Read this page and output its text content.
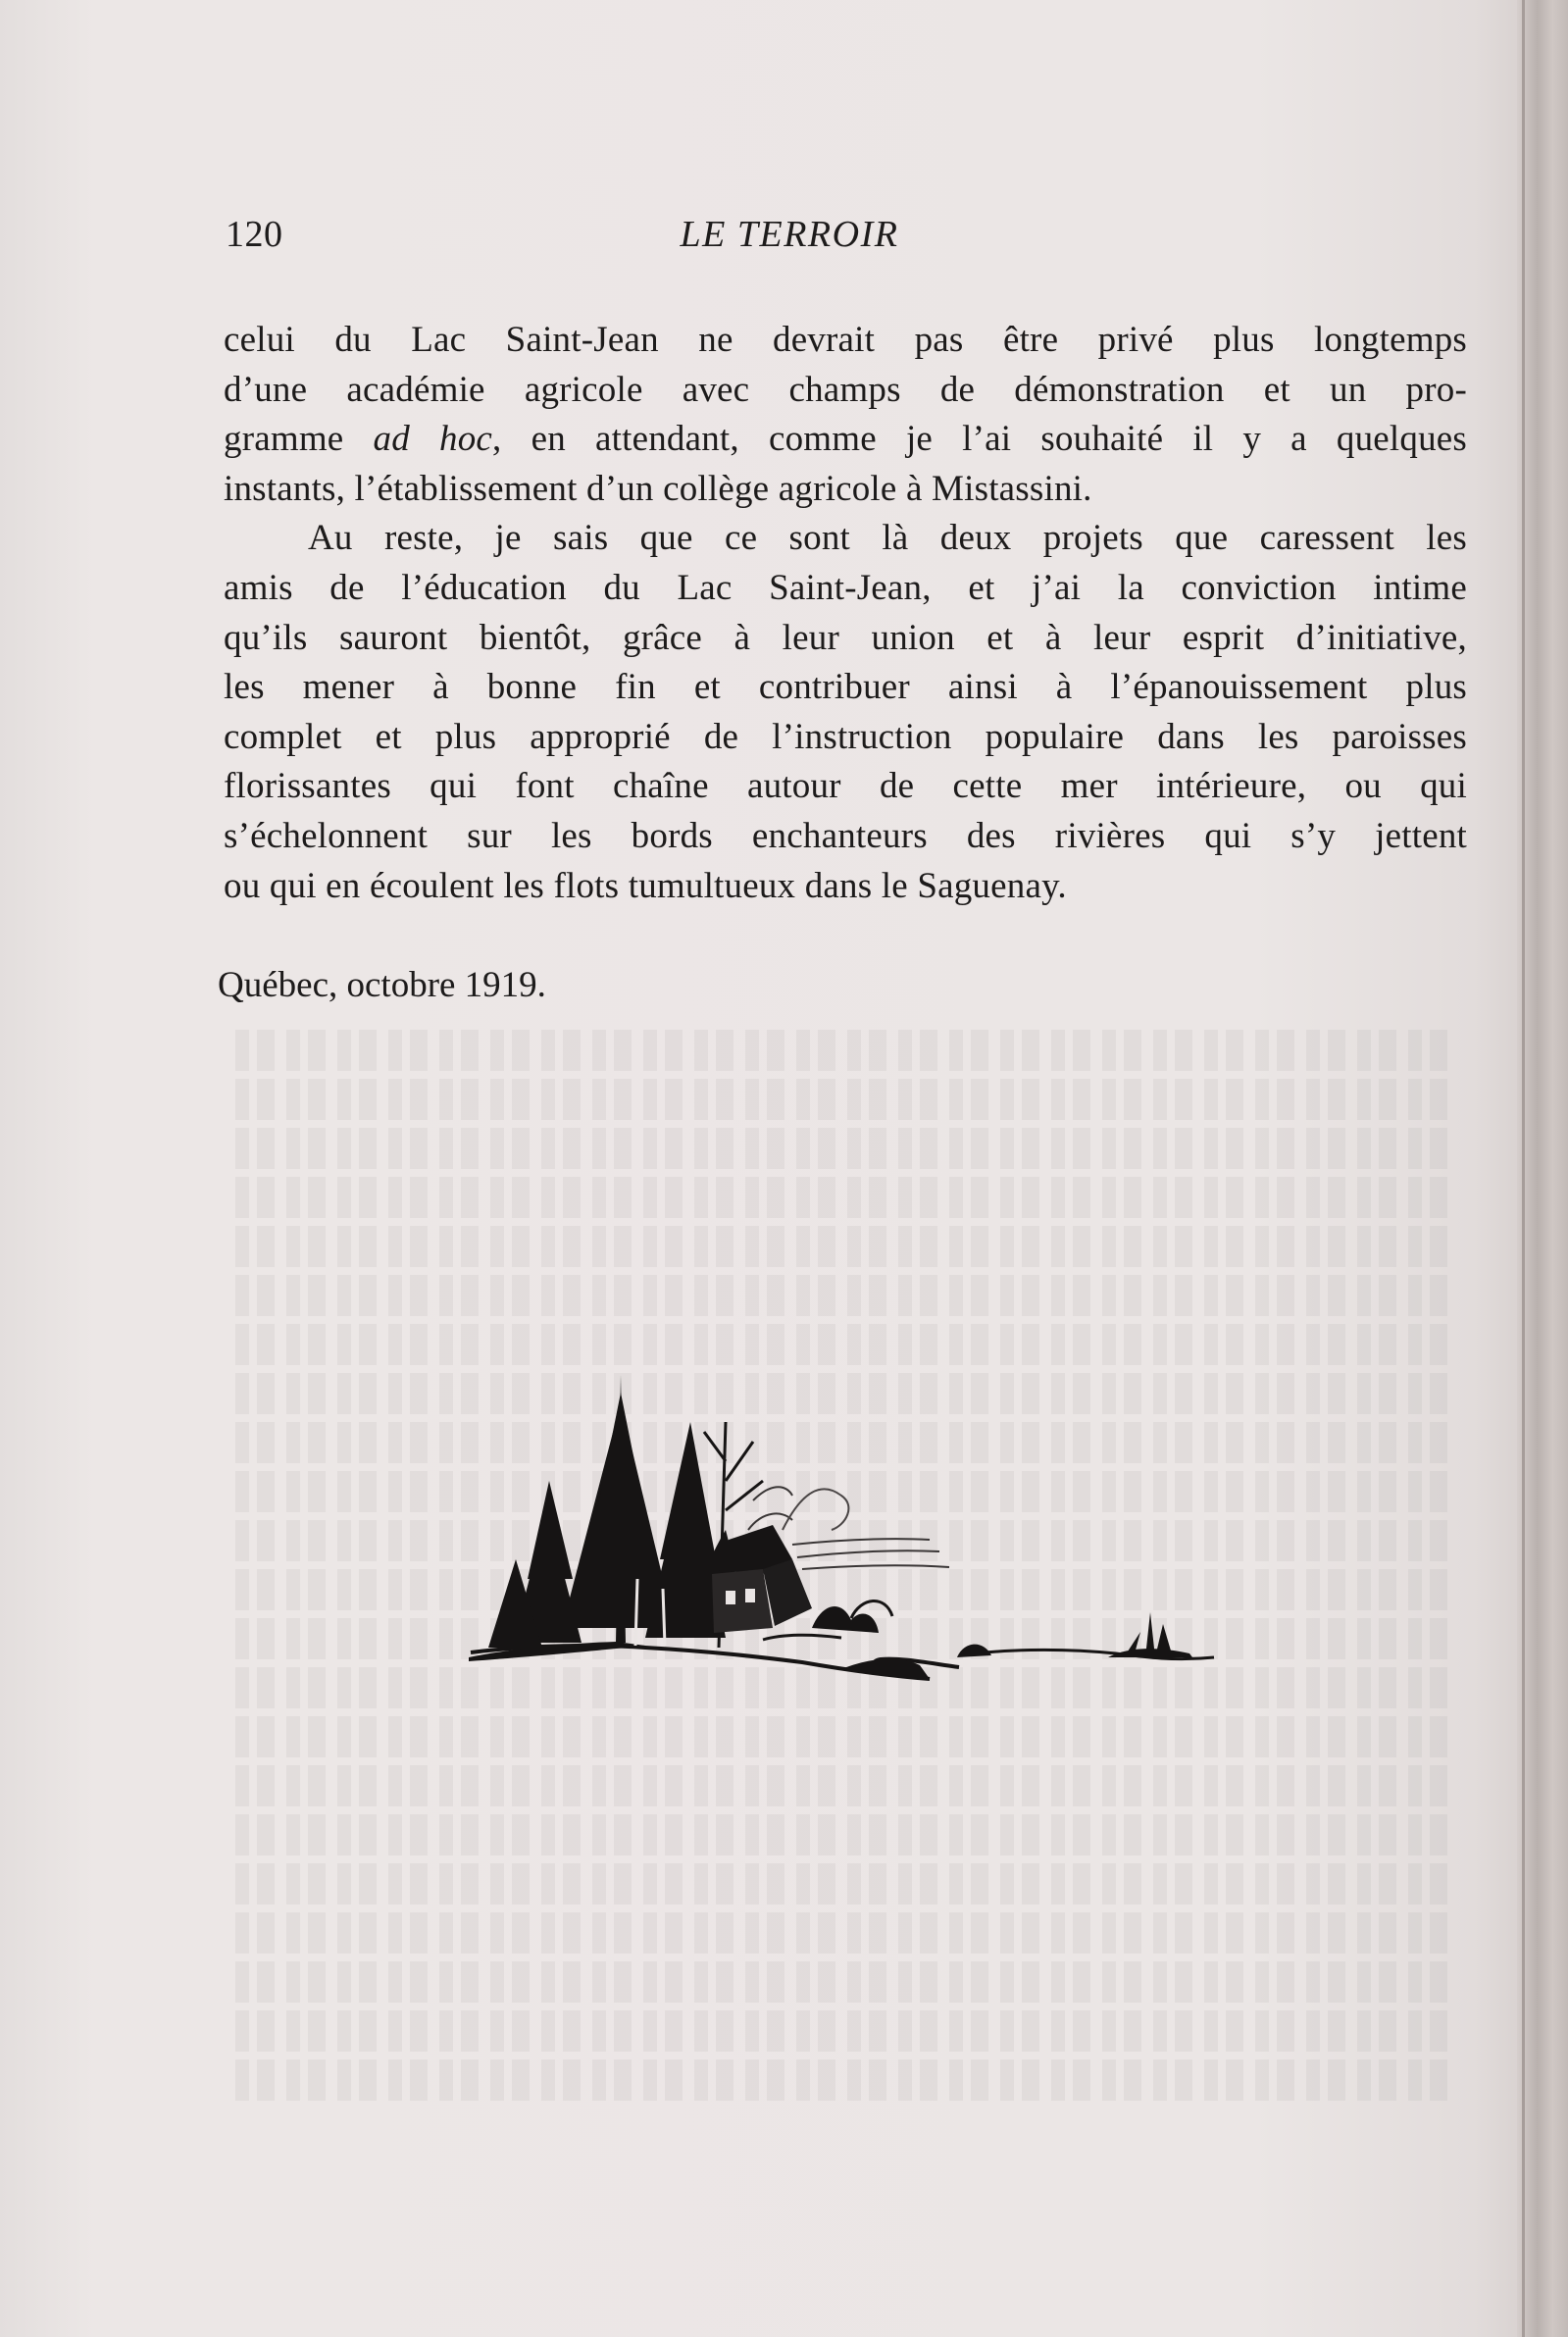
120	LE TERROIR

celui du Lac Saint-Jean ne devrait pas être privé plus longtemps
d’une académie agricole avec champs de démonstration et un pro-
gramme ad hoc, en attendant, comme je l’ai souhaité il y a quelques
instants, l’établissement d’un collège agricole à Mistassini.

Au reste, je sais que ce sont là deux projets que caressent les
amis de l’éducation du Lac Saint-Jean, et j’ai la conviction intime
qu’ils sauront bientôt, grâce à leur union et à leur esprit d’initiative,
les mener à bonne fin et contribuer ainsi à l’épanouissement plus
complet et plus approprié de l’instruction populaire dans les paroisses
florissantes qui font chaîne autour de cette mer intérieure, ou qui
s’échelonnent sur les bords enchanteurs des rivières qui s’y jettent
ou qui en écoulent les flots tumultueux dans le Saguenay.

Québec, octobre 1919.
